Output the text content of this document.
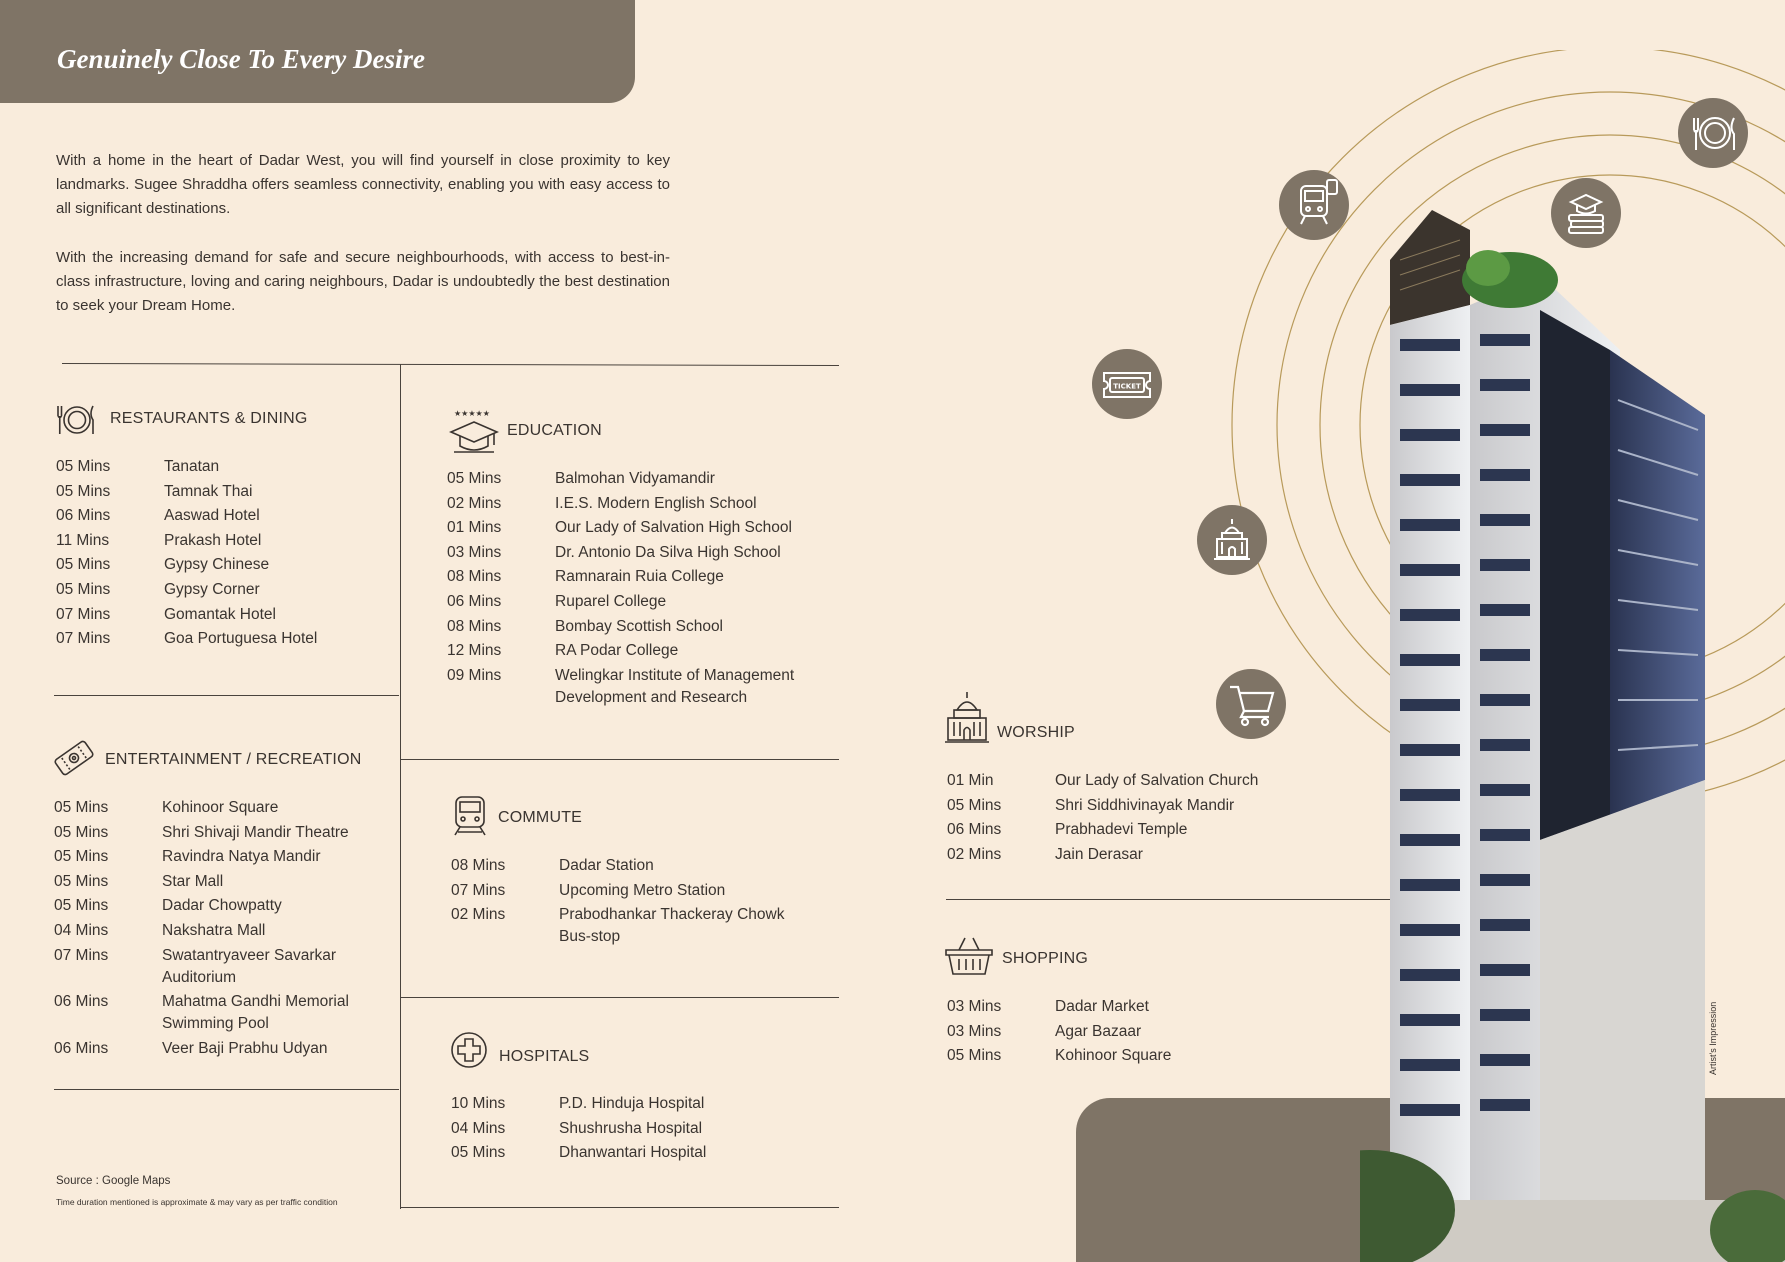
Genuinely Close To Every Desire
With a home in the heart of Dadar West, you will find yourself in close proximity to key landmarks. Sugee Shraddha offers seamless connectivity, enabling you with easy access to all significant destinations.
With the increasing demand for safe and secure neighbourhoods, with access to best-in-class infrastructure, loving and caring neighbours, Dadar is undoubtedly the best destination to seek your Dream Home.
RESTAURANTS & DINING
05 Mins	Tanatan
05 Mins	Tamnak Thai
06 Mins	Aaswad Hotel
11 Mins	Prakash Hotel
05 Mins	Gypsy Chinese
05 Mins	Gypsy Corner
07 Mins	Gomantak Hotel
07 Mins	Goa Portuguesa Hotel
ENTERTAINMENT / RECREATION
05 Mins	Kohinoor Square
05 Mins	Shri Shivaji Mandir Theatre
05 Mins	Ravindra Natya Mandir
05 Mins	Star Mall
05 Mins	Dadar Chowpatty
04 Mins	Nakshatra Mall
07 Mins	Swatantryaveer Savarkar
Auditorium
06 Mins	Mahatma Gandhi Memorial
Swimming Pool
06 Mins	Veer Baji Prabhu Udyan
★★★★★
EDUCATION
05 Mins	Balmohan Vidyamandir
02 Mins	I.E.S. Modern English School
01 Mins	Our Lady of Salvation High School
03 Mins	Dr. Antonio Da Silva High School
08 Mins	Ramnarain Ruia College
06 Mins	Ruparel College
08 Mins	Bombay Scottish School
12 Mins	RA Podar College
09 Mins	Welingkar Institute of Management
Development and Research
COMMUTE
08 Mins	Dadar Station
07 Mins	Upcoming Metro Station
02 Mins	Prabodhankar Thackeray Chowk
Bus-stop
HOSPITALS
10 Mins	P.D. Hinduja Hospital
04 Mins	Shushrusha Hospital
05 Mins	Dhanwantari Hospital
WORSHIP
01 Min	Our Lady of Salvation Church
05 Mins	Shri Siddhivinayak Mandir
06 Mins	Prabhadevi Temple
02 Mins	Jain Derasar
SHOPPING
03 Mins	Dadar Market
03 Mins	Agar Bazaar
05 Mins	Kohinoor Square
Source : Google Maps
Time duration mentioned is approximate & may vary as per traffic condition
Artist's Impression
TICKET
